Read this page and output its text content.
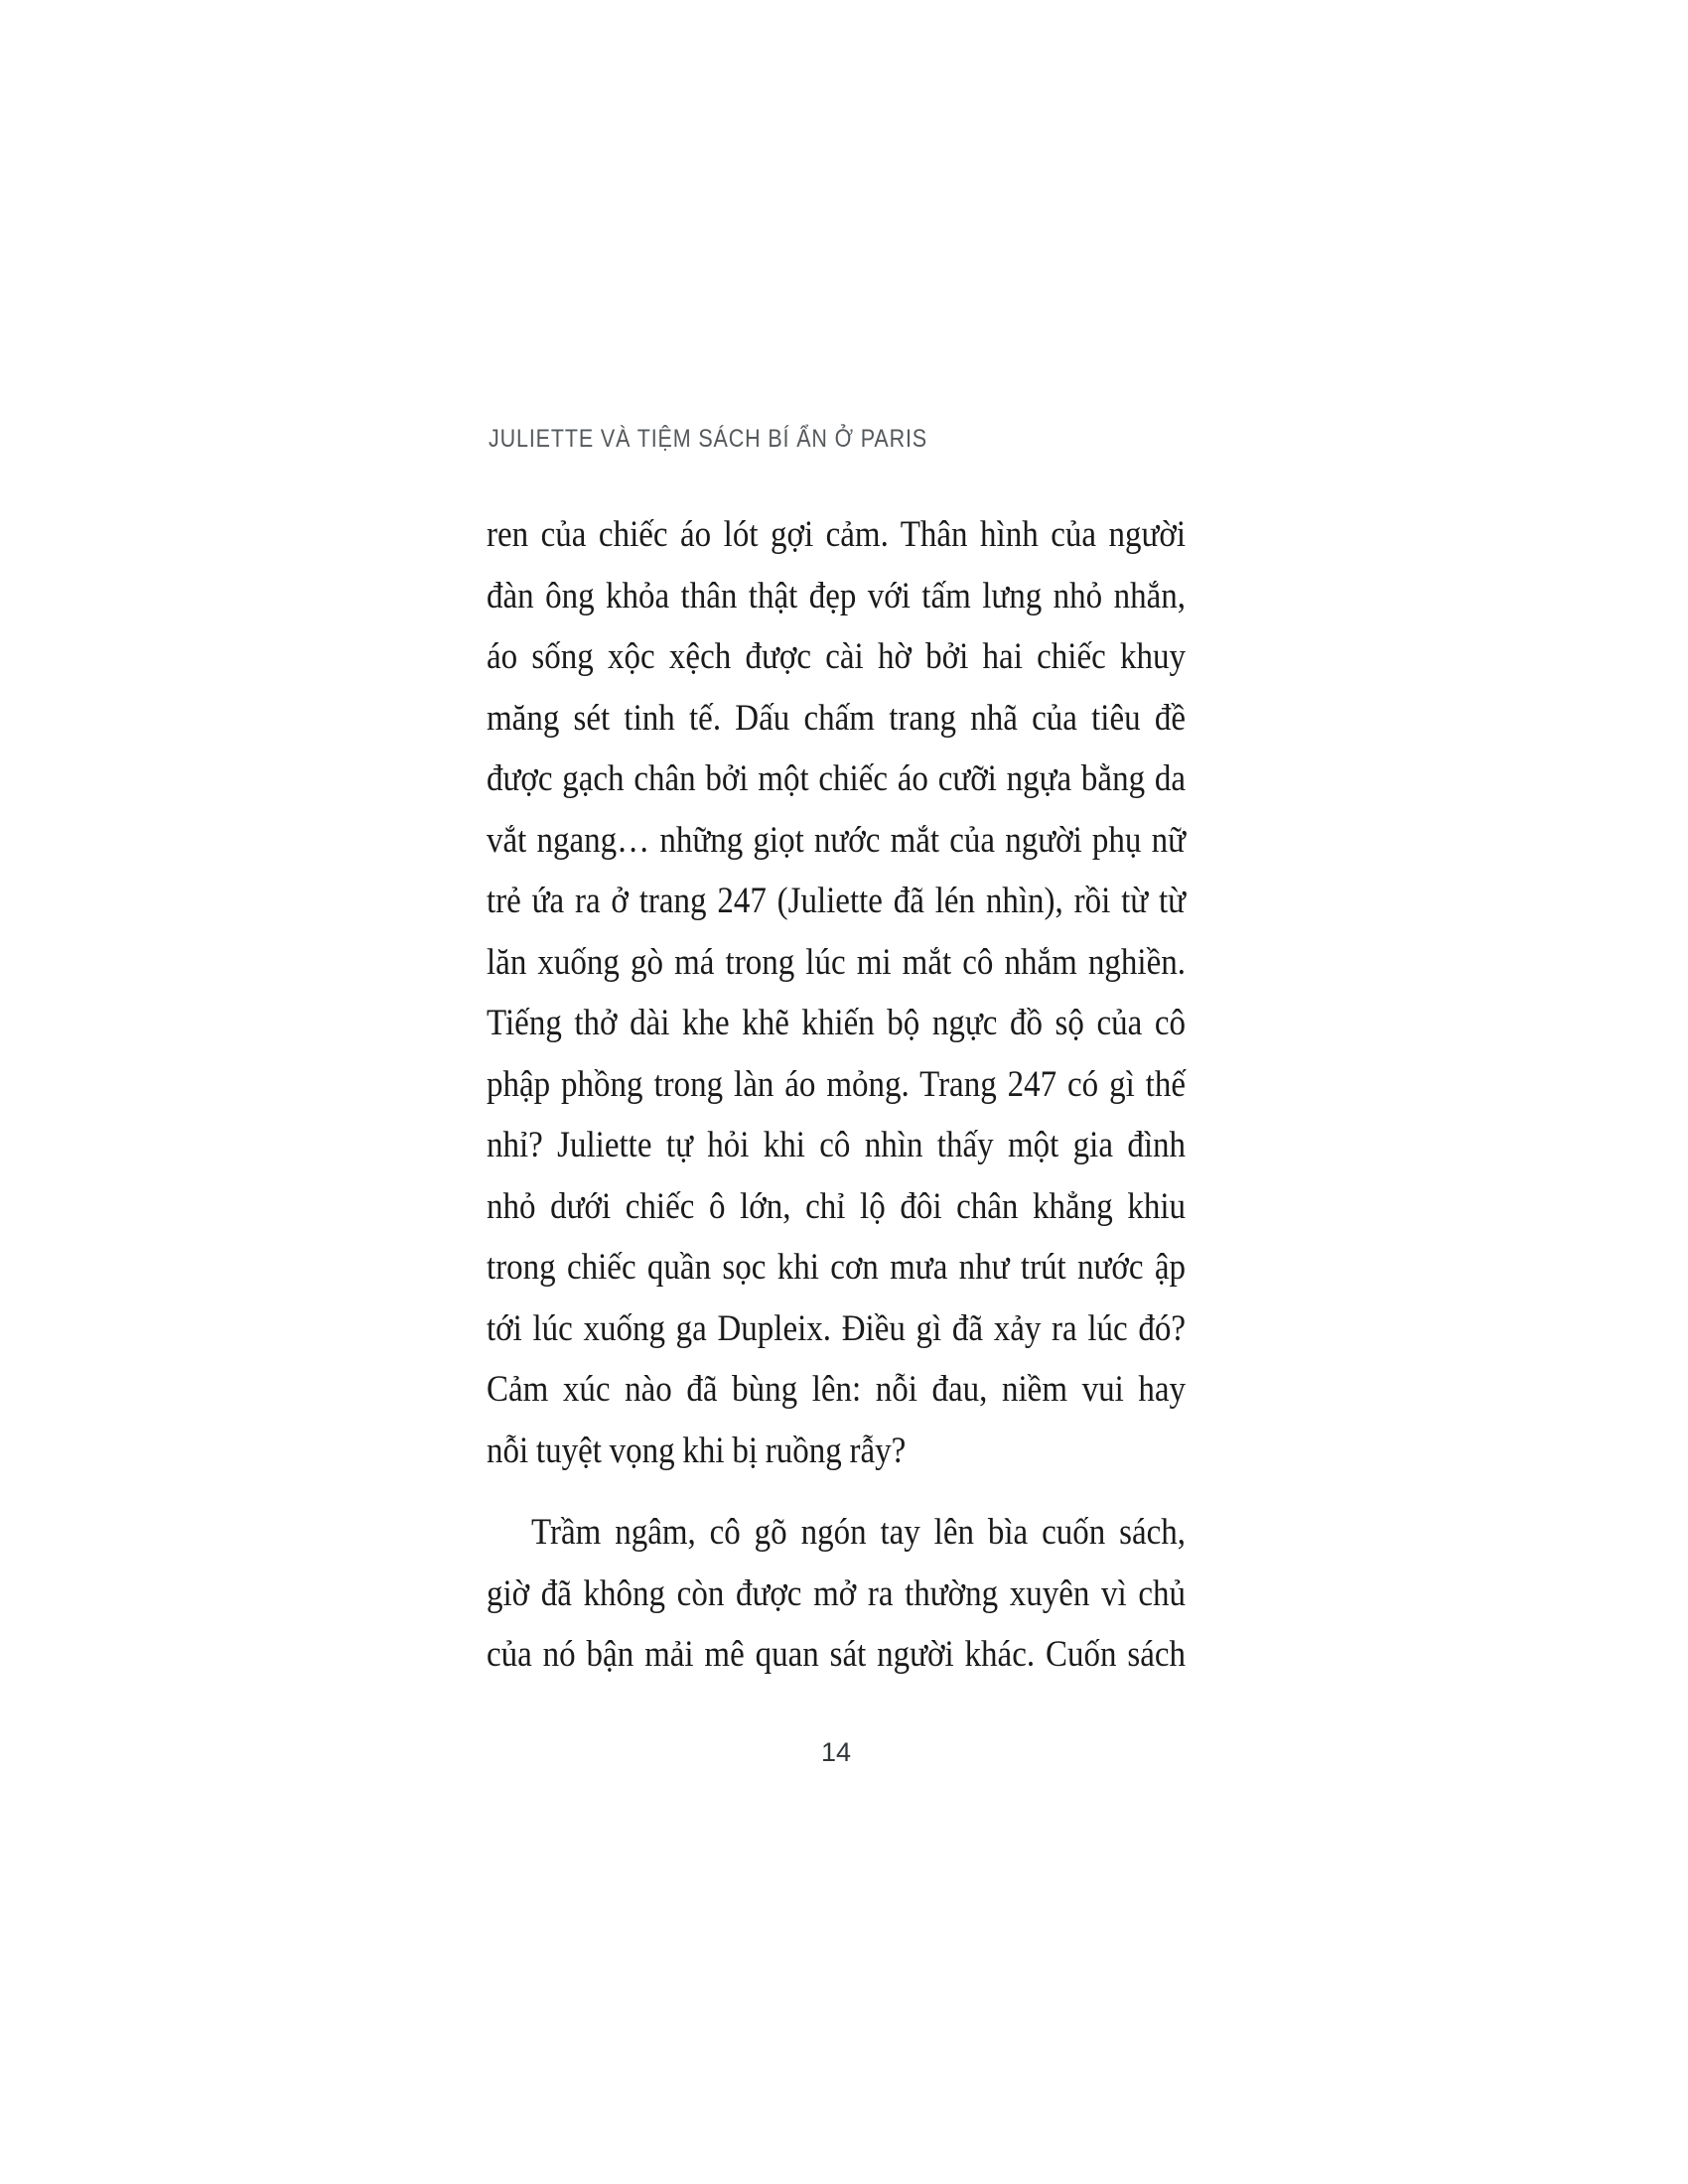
JULIETTE VÀ TIỆM SÁCH BÍ ẨN Ở PARIS
ren của chiếc áo lót gợi cảm. Thân hình của người
đàn ông khỏa thân thật đẹp với tấm lưng nhỏ nhắn,
áo sống xộc xệch được cài hờ bởi hai chiếc khuy
măng sét tinh tế. Dấu chấm trang nhã của tiêu đề
được gạch chân bởi một chiếc áo cưỡi ngựa bằng da
vắt ngang… những giọt nước mắt của người phụ nữ
trẻ ứa ra ở trang 247 (Juliette đã lén nhìn), rồi từ từ
lăn xuống gò má trong lúc mi mắt cô nhắm nghiền.
Tiếng thở dài khe khẽ khiến bộ ngực đồ sộ của cô
phập phồng trong làn áo mỏng. Trang 247 có gì thế
nhỉ? Juliette tự hỏi khi cô nhìn thấy một gia đình
nhỏ dưới chiếc ô lớn, chỉ lộ đôi chân khẳng khiu
trong chiếc quần sọc khi cơn mưa như trút nước ập
tới lúc xuống ga Dupleix. Điều gì đã xảy ra lúc đó?
Cảm xúc nào đã bùng lên: nỗi đau, niềm vui hay
nỗi tuyệt vọng khi bị ruồng rẫy?
Trầm ngâm, cô gõ ngón tay lên bìa cuốn sách,
giờ đã không còn được mở ra thường xuyên vì chủ
của nó bận mải mê quan sát người khác. Cuốn sách
14
